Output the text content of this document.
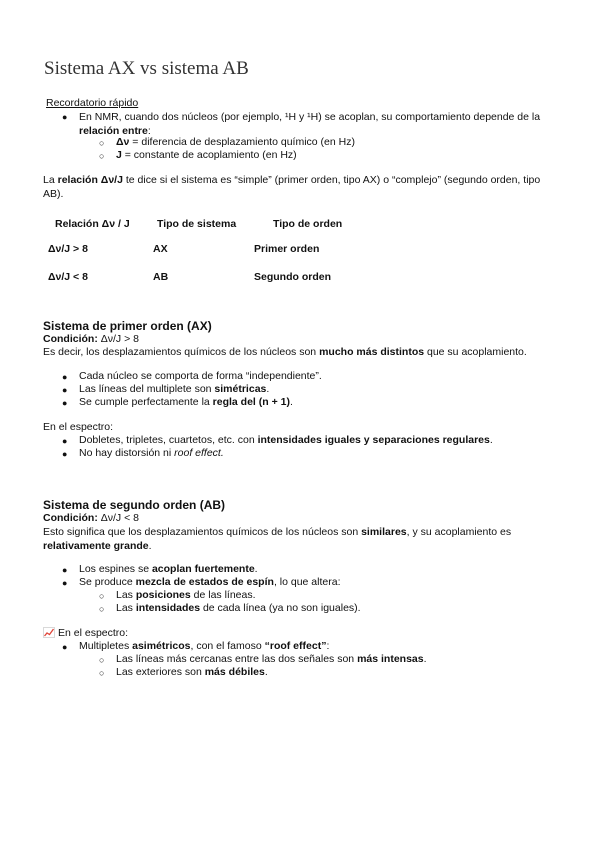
Sistema AX vs sistema AB
Recordatorio rápido
● En NMR, cuando dos núcleos (por ejemplo, ¹H y ¹H) se acoplan, su comportamiento depende de la relación entre:
○ Δν = diferencia de desplazamiento químico (en Hz)
○ J = constante de acoplamiento (en Hz)
La relación Δν/J te dice si el sistema es “simple” (primer orden, tipo AX) o “complejo” (segundo orden, tipo AB).
Relación Δν / J	Tipo de sistema	Tipo de orden
Δν/J > 8	AX	Primer orden
Δν/J < 8	AB	Segundo orden
Sistema de primer orden (AX)
Condición: Δν/J > 8
Es decir, los desplazamientos químicos de los núcleos son mucho más distintos que su acoplamiento.
● Cada núcleo se comporta de forma “independiente”.
● Las líneas del multiplete son simétricas.
● Se cumple perfectamente la regla del (n + 1).
En el espectro:
● Dobletes, tripletes, cuartetos, etc. con intensidades iguales y separaciones regulares.
● No hay distorsión ni roof effect.
Sistema de segundo orden (AB)
Condición: Δν/J < 8
Esto significa que los desplazamientos químicos de los núcleos son similares, y su acoplamiento es relativamente grande.
● Los espines se acoplan fuertemente.
● Se produce mezcla de estados de espín, lo que altera:
○ Las posiciones de las líneas.
○ Las intensidades de cada línea (ya no son iguales).
En el espectro:
● Multipletes asimétricos, con el famoso “roof effect”:
○ Las líneas más cercanas entre las dos señales son más intensas.
○ Las exteriores son más débiles.
